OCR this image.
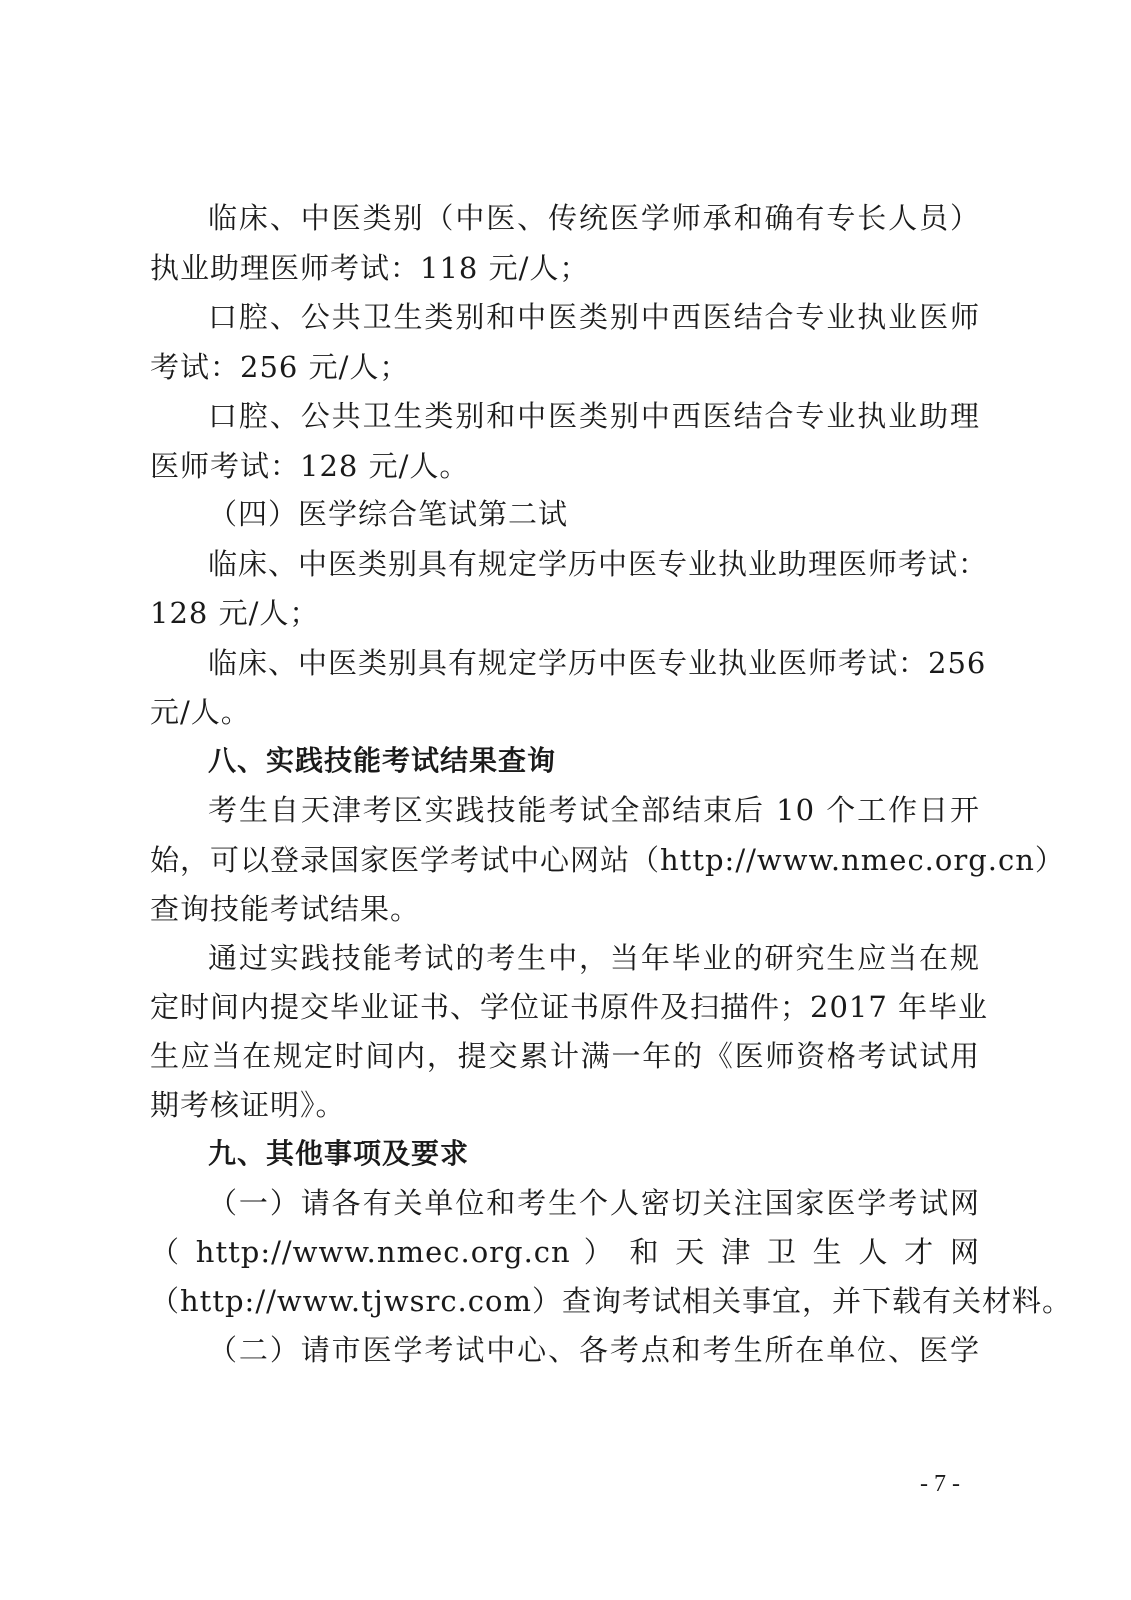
临床、中医类别（中医、传统医学师承和确有专长人员）
执业助理医师考试：118 元/人；
口腔、公共卫生类别和中医类别中西医结合专业执业医师
考试：256 元/人；
口腔、公共卫生类别和中医类别中西医结合专业执业助理
医师考试：128 元/人。
（四）医学综合笔试第二试
临床、中医类别具有规定学历中医专业执业助理医师考试：
128 元/人；
临床、中医类别具有规定学历中医专业执业医师考试：256
元/人。
八、实践技能考试结果查询
考生自天津考区实践技能考试全部结束后 10 个工作日开
始，可以登录国家医学考试中心网站（http://www.nmec.org.cn）
查询技能考试结果。
通过实践技能考试的考生中，当年毕业的研究生应当在规
定时间内提交毕业证书、学位证书原件及扫描件；2017 年毕业
生应当在规定时间内，提交累计满一年的《医师资格考试试用
期考核证明》。
九、其他事项及要求
（一）请各有关单位和考生个人密切关注国家医学考试网
（ http://www.nmec.org.cn ） 和 天 津 卫 生 人 才 网
（http://www.tjwsrc.com）查询考试相关事宜，并下载有关材料。
（二）请市医学考试中心、各考点和考生所在单位、医学
- 7 -
